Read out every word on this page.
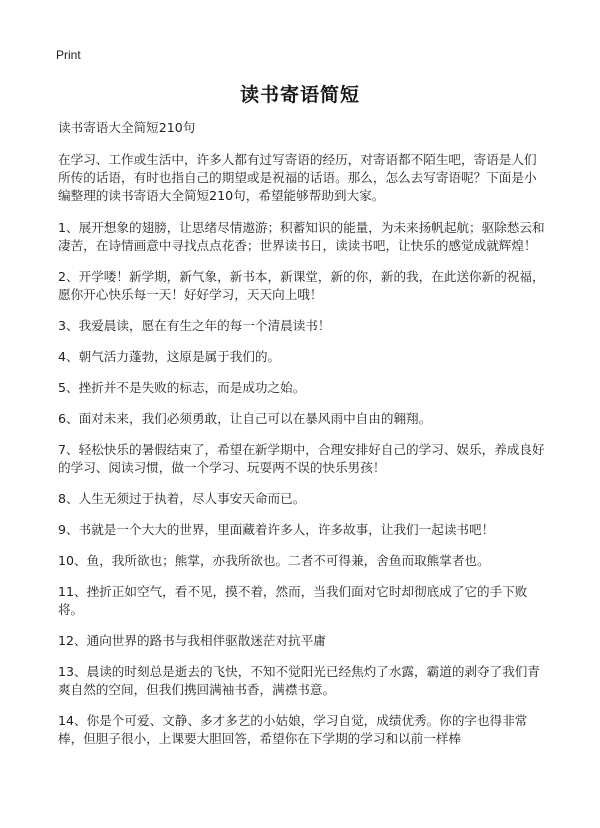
Print
读书寄语简短

读书寄语大全简短210句

在学习、工作或生活中，许多人都有过写寄语的经历，对寄语都不陌生吧，寄语是人们所传的话语，有时也指自己的期望或是祝福的话语。那么，怎么去写寄语呢？下面是小编整理的读书寄语大全简短210句，希望能够帮助到大家。

1、展开想象的翅膀，让思绪尽情遨游；积蓄知识的能量，为未来扬帆起航；驱除愁云和凄苦，在诗情画意中寻找点点花香；世界读书日，读读书吧，让快乐的感觉成就辉煌！

2、开学喽！新学期，新气象，新书本，新课堂，新的你，新的我，在此送你新的祝福，愿你开心快乐每一天！好好学习，天天向上哦！

3、我爱晨读，愿在有生之年的每一个清晨读书！

4、朝气活力蓬勃，这原是属于我们的。

5、挫折并不是失败的标志，而是成功之始。

6、面对未来，我们必须勇敢，让自己可以在暴风雨中自由的翱翔。

7、轻松快乐的暑假结束了，希望在新学期中，合理安排好自己的学习、娱乐，养成良好的学习、阅读习惯，做一个学习、玩耍两不误的快乐男孩！

8、人生无须过于执着，尽人事安天命而已。

9、书就是一个大大的世界，里面藏着许多人，许多故事，让我们一起读书吧！

10、鱼，我所欲也；熊掌，亦我所欲也。二者不可得兼，舍鱼而取熊掌者也。

11、挫折正如空气，看不见，摸不着，然而，当我们面对它时却彻底成了它的手下败将。

12、通向世界的路书与我相伴驱散迷茫对抗平庸

13、晨读的时刻总是逝去的飞快，不知不觉阳光已经焦灼了水露，霸道的剥夺了我们青爽自然的空间，但我们携回满袖书香，满襟书意。

14、你是个可爱、文静、多才多艺的小姑娘，学习自觉，成绩优秀。你的字也得非常棒，但胆子很小，上课要大胆回答，希望你在下学期的学习和以前一样棒
